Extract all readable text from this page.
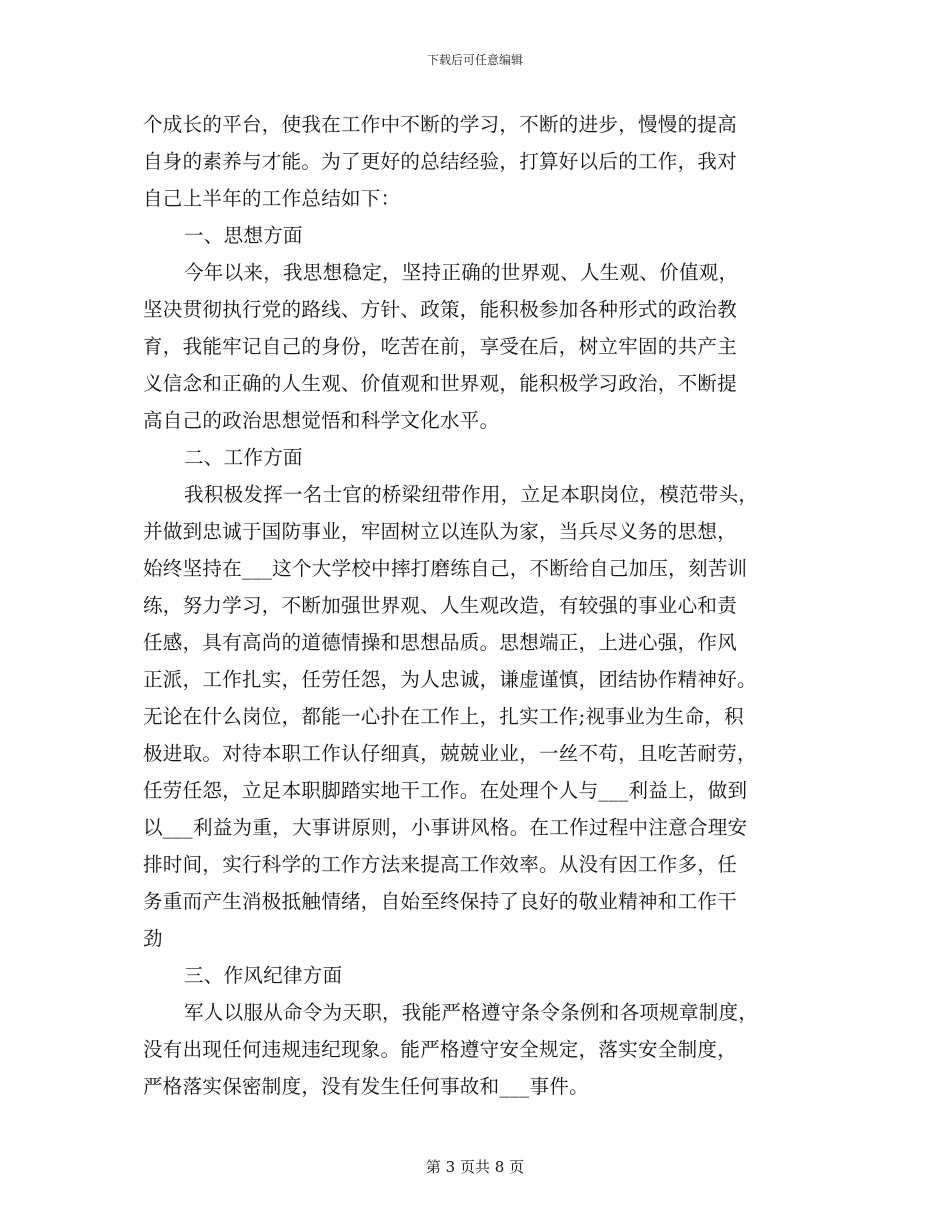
下载后可任意编辑
个成长的平台，使我在工作中不断的学习，不断的进步，慢慢的提高
自身的素养与才能。为了更好的总结经验，打算好以后的工作，我对
自己上半年的工作总结如下：
一、思想方面
今年以来，我思想稳定，坚持正确的世界观、人生观、价值观，
坚决贯彻执行党的路线、方针、政策，能积极参加各种形式的政治教
育，我能牢记自己的身份，吃苦在前，享受在后，树立牢固的共产主
义信念和正确的人生观、价值观和世界观，能积极学习政治，不断提
高自己的政治思想觉悟和科学文化水平。
二、工作方面
我积极发挥一名士官的桥梁纽带作用，立足本职岗位，模范带头，
并做到忠诚于国防事业，牢固树立以连队为家，当兵尽义务的思想，
始终坚持在___这个大学校中摔打磨练自己，不断给自己加压，刻苦训
练，努力学习，不断加强世界观、人生观改造，有较强的事业心和责
任感，具有高尚的道德情操和思想品质。思想端正，上进心强，作风
正派，工作扎实，任劳任怨，为人忠诚，谦虚谨慎，团结协作精神好。
无论在什么岗位，都能一心扑在工作上，扎实工作;视事业为生命，积
极进取。对待本职工作认仔细真，兢兢业业，一丝不苟，且吃苦耐劳，
任劳任怨，立足本职脚踏实地干工作。在处理个人与___利益上，做到
以___利益为重，大事讲原则，小事讲风格。在工作过程中注意合理安
排时间，实行科学的工作方法来提高工作效率。从没有因工作多，任
务重而产生消极抵触情绪，自始至终保持了良好的敬业精神和工作干
劲
三、作风纪律方面
军人以服从命令为天职，我能严格遵守条令条例和各项规章制度，
没有出现任何违规违纪现象。能严格遵守安全规定，落实安全制度，
严格落实保密制度，没有发生任何事故和___事件。
第 3 页共 8 页
